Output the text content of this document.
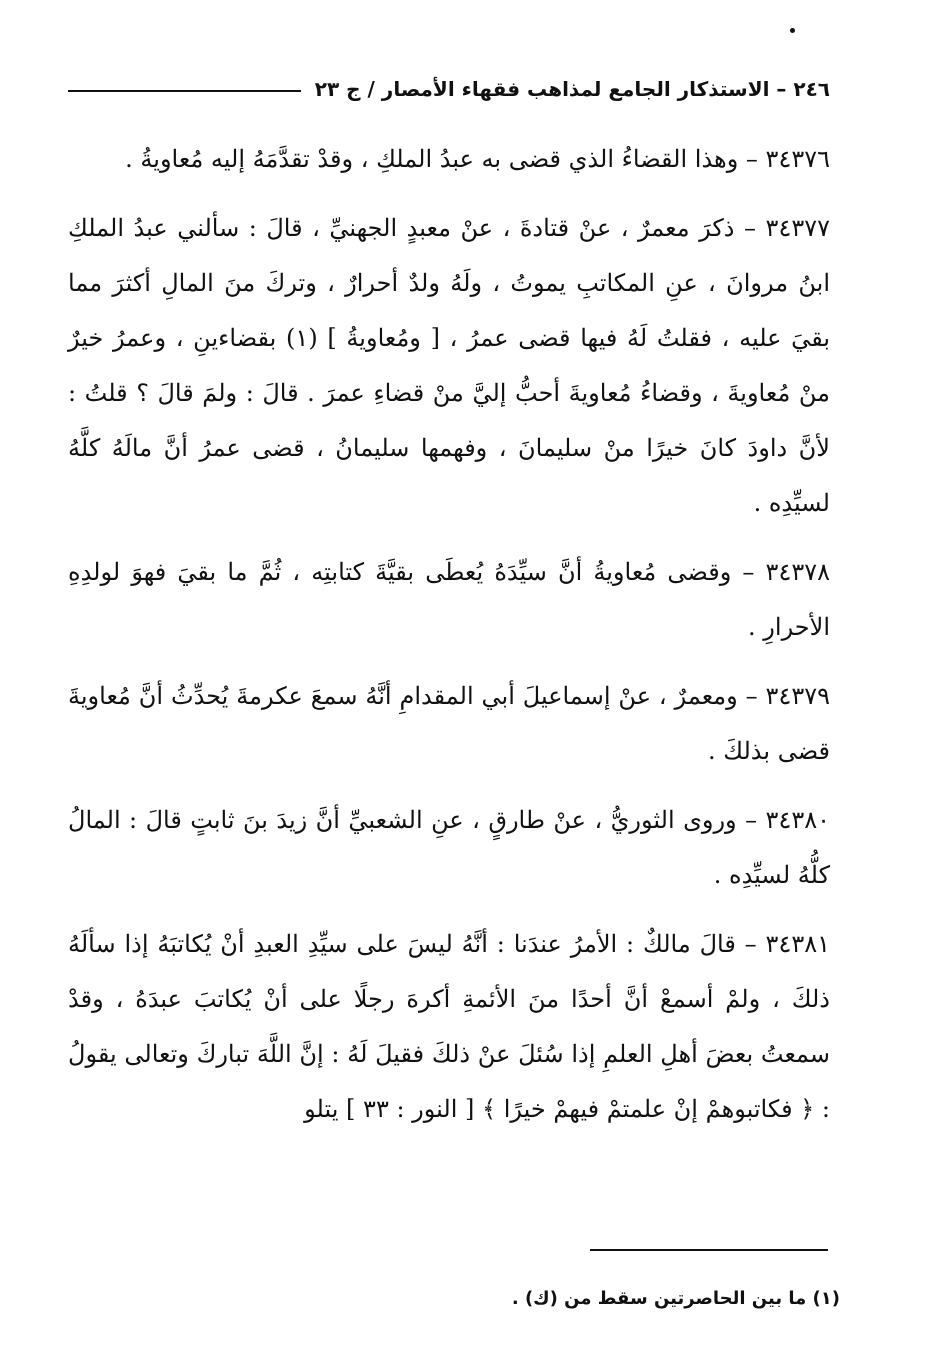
٢٤٦ – الاستذكار الجامع لمذاهب فقهاء الأمصار / ج ٢٣

٣٤٣٧٦ – وهذا القضاءُ الذي قضى به عبدُ الملكِ ، وقدْ تقدَّمَهُ إليه مُعاويةُ .

٣٤٣٧٧ – ذكرَ معمرٌ ، عنْ قتادةَ ، عنْ معبدٍ الجهنيِّ ، قالَ : سألني عبدُ الملكِ ابنُ مروانَ ، عنِ المكاتبِ يموتُ ، ولَهُ ولدٌ أحرارٌ ، وتركَ منَ المالِ أكثرَ مما بقيَ عليه ، فقلتُ لَهُ فيها قضى عمرُ ، [ ومُعاويةُ ] (١) بقضاءينِ ، وعمرُ خيرٌ منْ مُعاويةَ ، وقضاءُ مُعاويةَ أحبُّ إليَّ منْ قضاءِ عمرَ . قالَ : ولمَ قالَ ؟ قلتُ : لأنَّ داودَ كانَ خيرًا منْ سليمانَ ، وفهمها سليمانُ ، قضى عمرُ أنَّ مالَهُ كلَّهُ لسيِّدِه .

٣٤٣٧٨ – وقضى مُعاويةُ أنَّ سيِّدَهُ يُعطَى بقيَّةَ كتابتِه ، ثُمَّ ما بقيَ فهوَ لولدِهِ الأحرارِ .

٣٤٣٧٩ – ومعمرٌ ، عنْ إسماعيلَ أبي المقدامِ أنَّهُ سمعَ عكرمةَ يُحدِّثُ أنَّ مُعاويةَ قضى بذلكَ .

٣٤٣٨٠ – وروى الثوريُّ ، عنْ طارقٍ ، عنِ الشعبيِّ أنَّ زيدَ بنَ ثابتٍ قالَ : المالُ كلُّهُ لسيِّدِه .

٣٤٣٨١ – قالَ مالكٌ : الأمرُ عندَنا : أنَّهُ ليسَ على سيِّدِ العبدِ أنْ يُكاتبَهُ إذا سألَهُ ذلكَ ، ولمْ أسمعْ أنَّ أحدًا منَ الأئمةِ أكرهَ رجلًا على أنْ يُكاتبَ عبدَهُ ، وقدْ سمعتُ بعضَ أهلِ العلمِ إذا سُئلَ عنْ ذلكَ فقيلَ لَهُ : إنَّ اللَّهَ تباركَ وتعالى يقولُ : ﴿ فكاتبوهمْ إنْ علمتمْ فيهمْ خيرًا ﴾ [ النور : ٣٣ ] يتلو

(١) ما بين الحاصرتين سقط من (ك) .
